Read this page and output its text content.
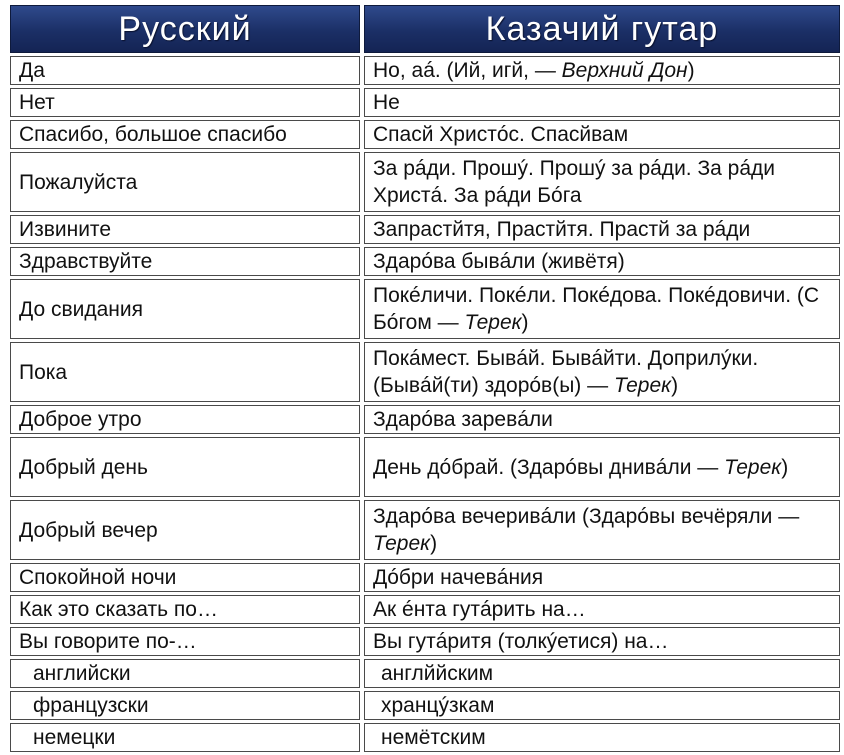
Русский	Казачий гутар
Да	Но, аá. (Ий, игй, — Верхний Дон)
Нет	Не
Спасибо, большое спасибо	Спасй Христóс. Спасйвам
Пожалуйста	За рáди. Прошý. Прошý за рáди. За рáди Христá. За рáди Бóга
Извините	Запрастйтя, Прастйтя. Прастй за рáди
Здравствуйте	Здарóва бывáли (живётя)
До свидания	Покéличи. Покéли. Покéдова. Покéдовичи. (С Бóгом — Терек)
Пока	Покáмест. Бывáй. Бывáйти. Доприлýки. (Бывáй(ти) здорóв(ы) — Терек)
Доброе утро	Здарóва заревáли
Добрый день	День дóбрай. (Здарóвы днивáли — Терек)
Добрый вечер	Здарóва вечеривáли (Здарóвы вечёряли — Терек)
Спокойной ночи	Дóбри начевáния
Как это сказать по…	Ак éнта гутáрить на…
Вы говорите по-…	Вы гутáритя (толкýетися) на…
английски	англййским
французски	хранцýзкам
немецки	немётским
